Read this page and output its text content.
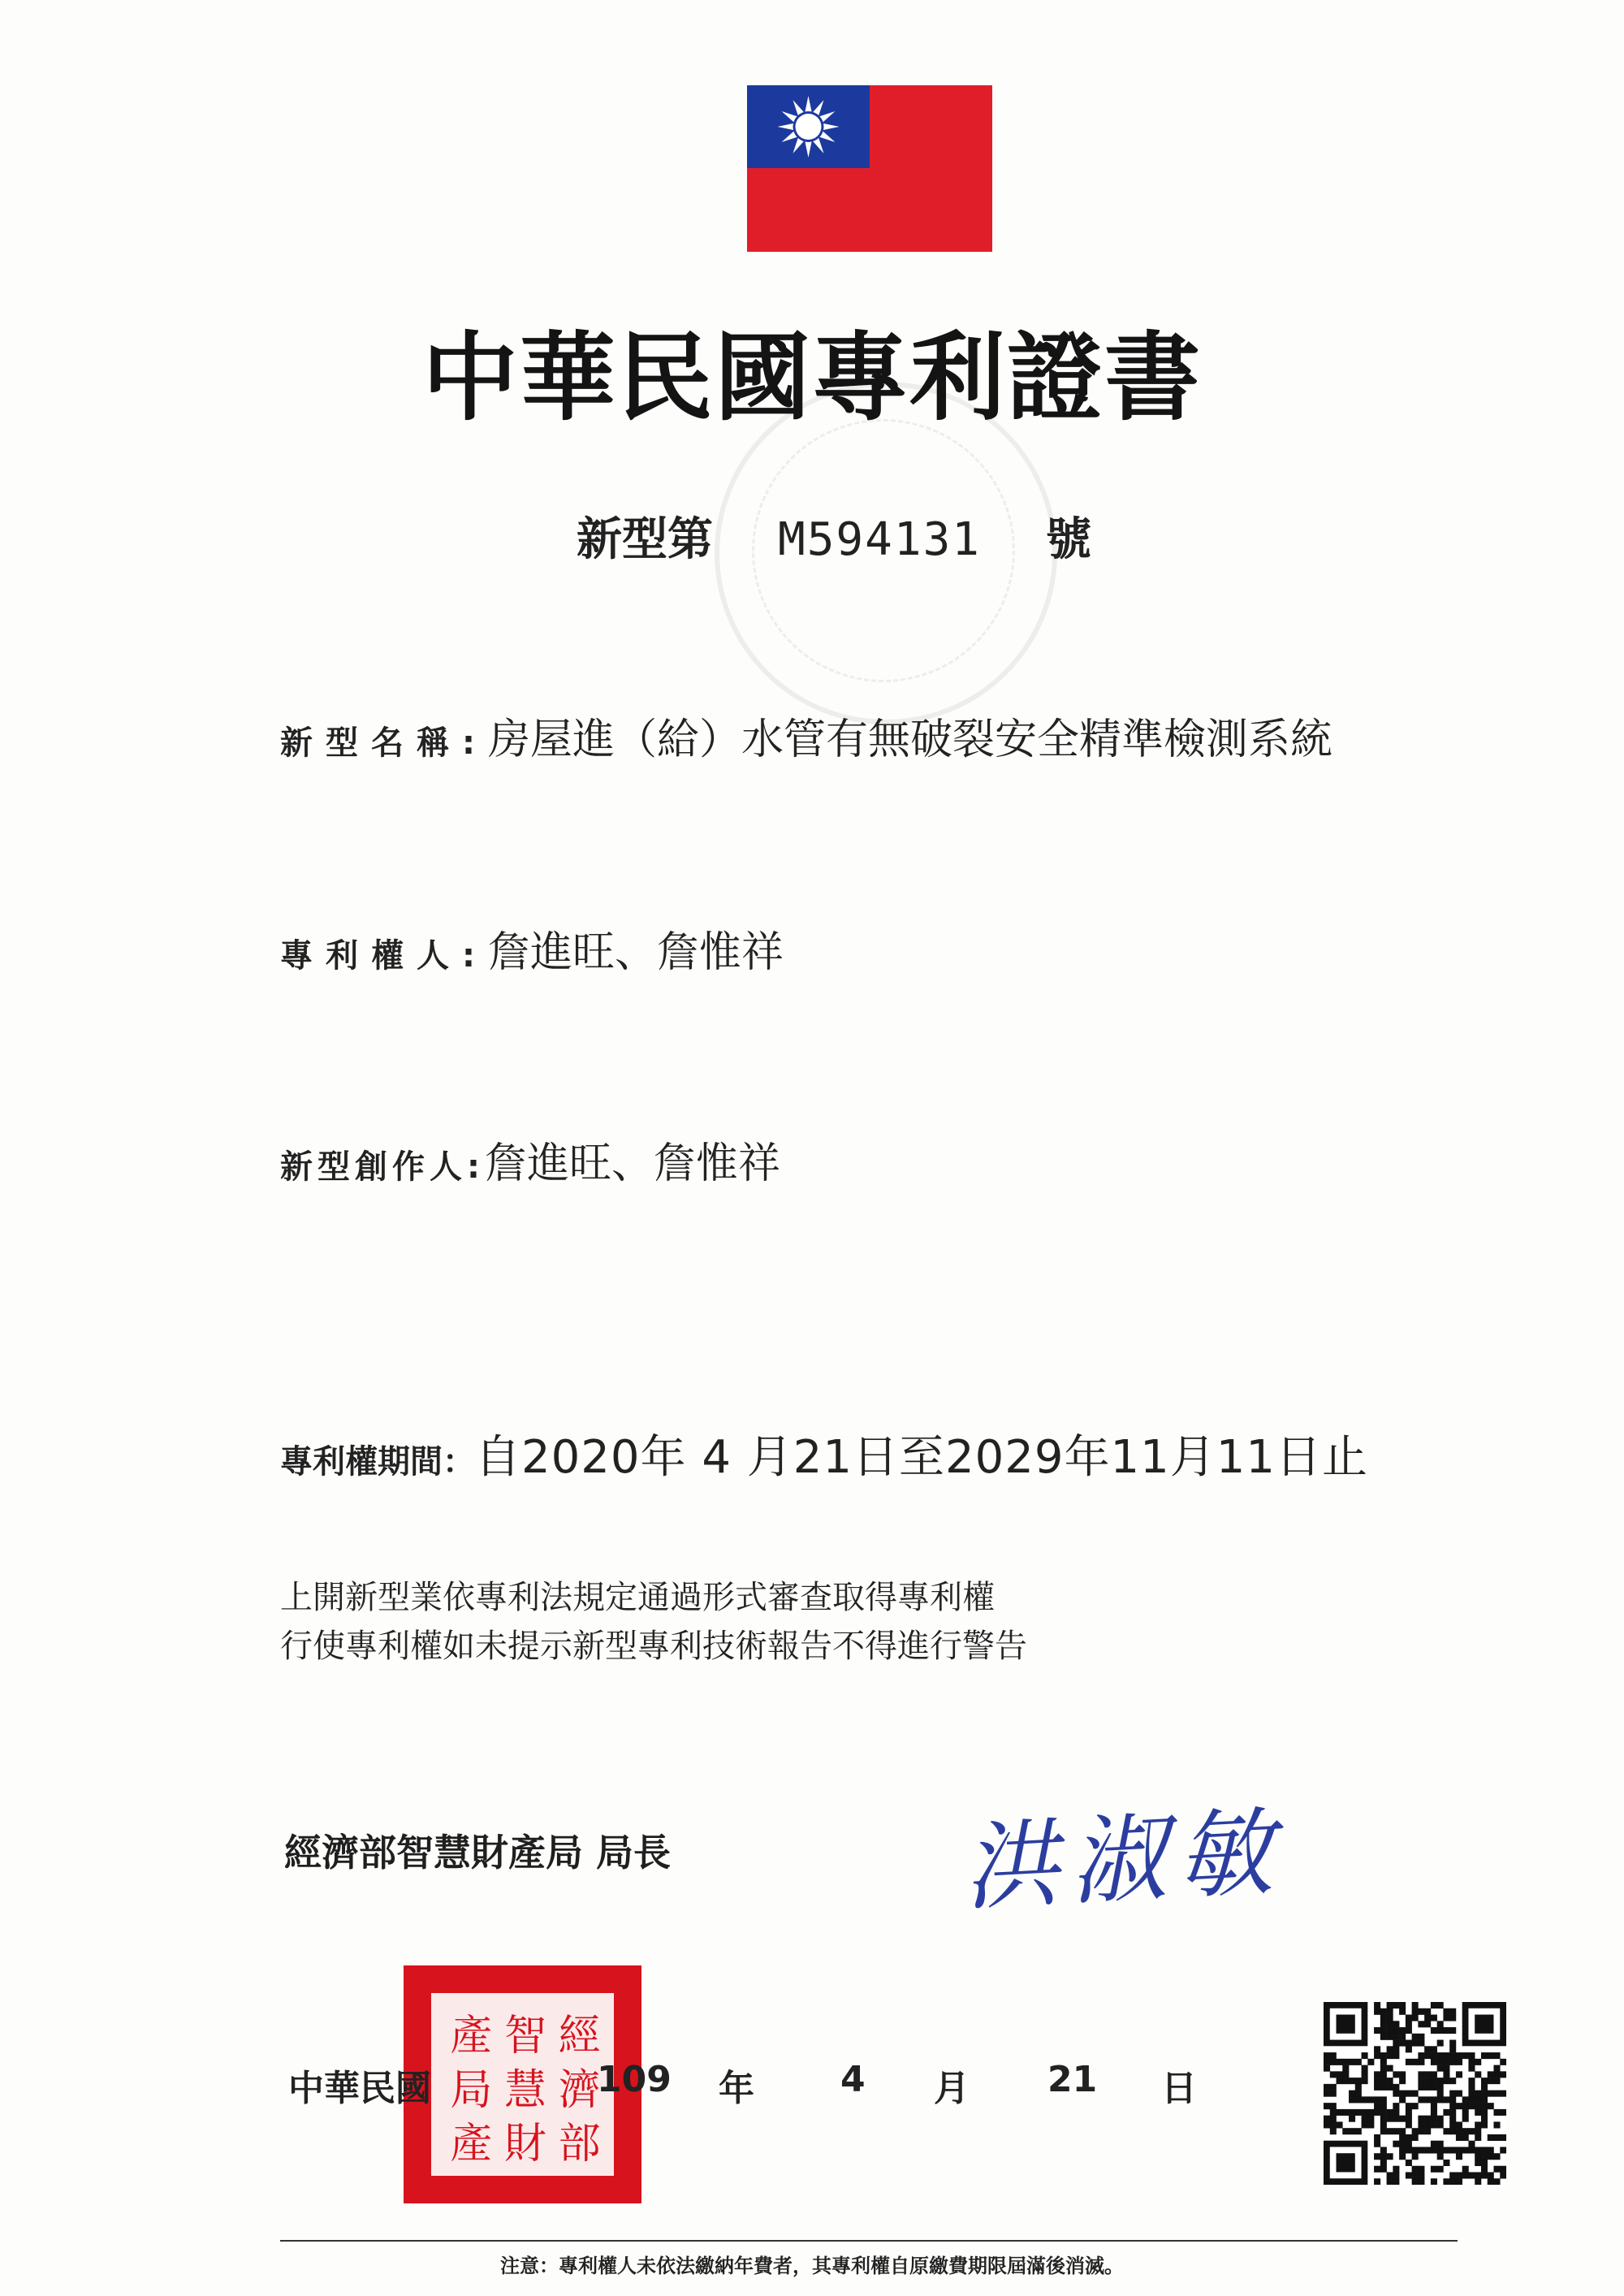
中華民國專利證書
新型第 M594131 號
新型名稱:房屋進（給）水管有無破裂安全精準檢測系統
專利權人:詹進旺、詹惟祥
新型創作人:詹進旺、詹惟祥
專利權期間：自2020年 4 月21日至2029年11月11日止
上開新型業依專利法規定通過形式審查取得專利權
行使專利權如未提示新型專利技術報告不得進行警告
經濟部智慧財產局 局長	洪淑敏
經
智
產
濟
慧
局
部
財
產
中華民國	109 年 4 月 21 日
注意：專利權人未依法繳納年費者，其專利權自原繳費期限屆滿後消滅。
